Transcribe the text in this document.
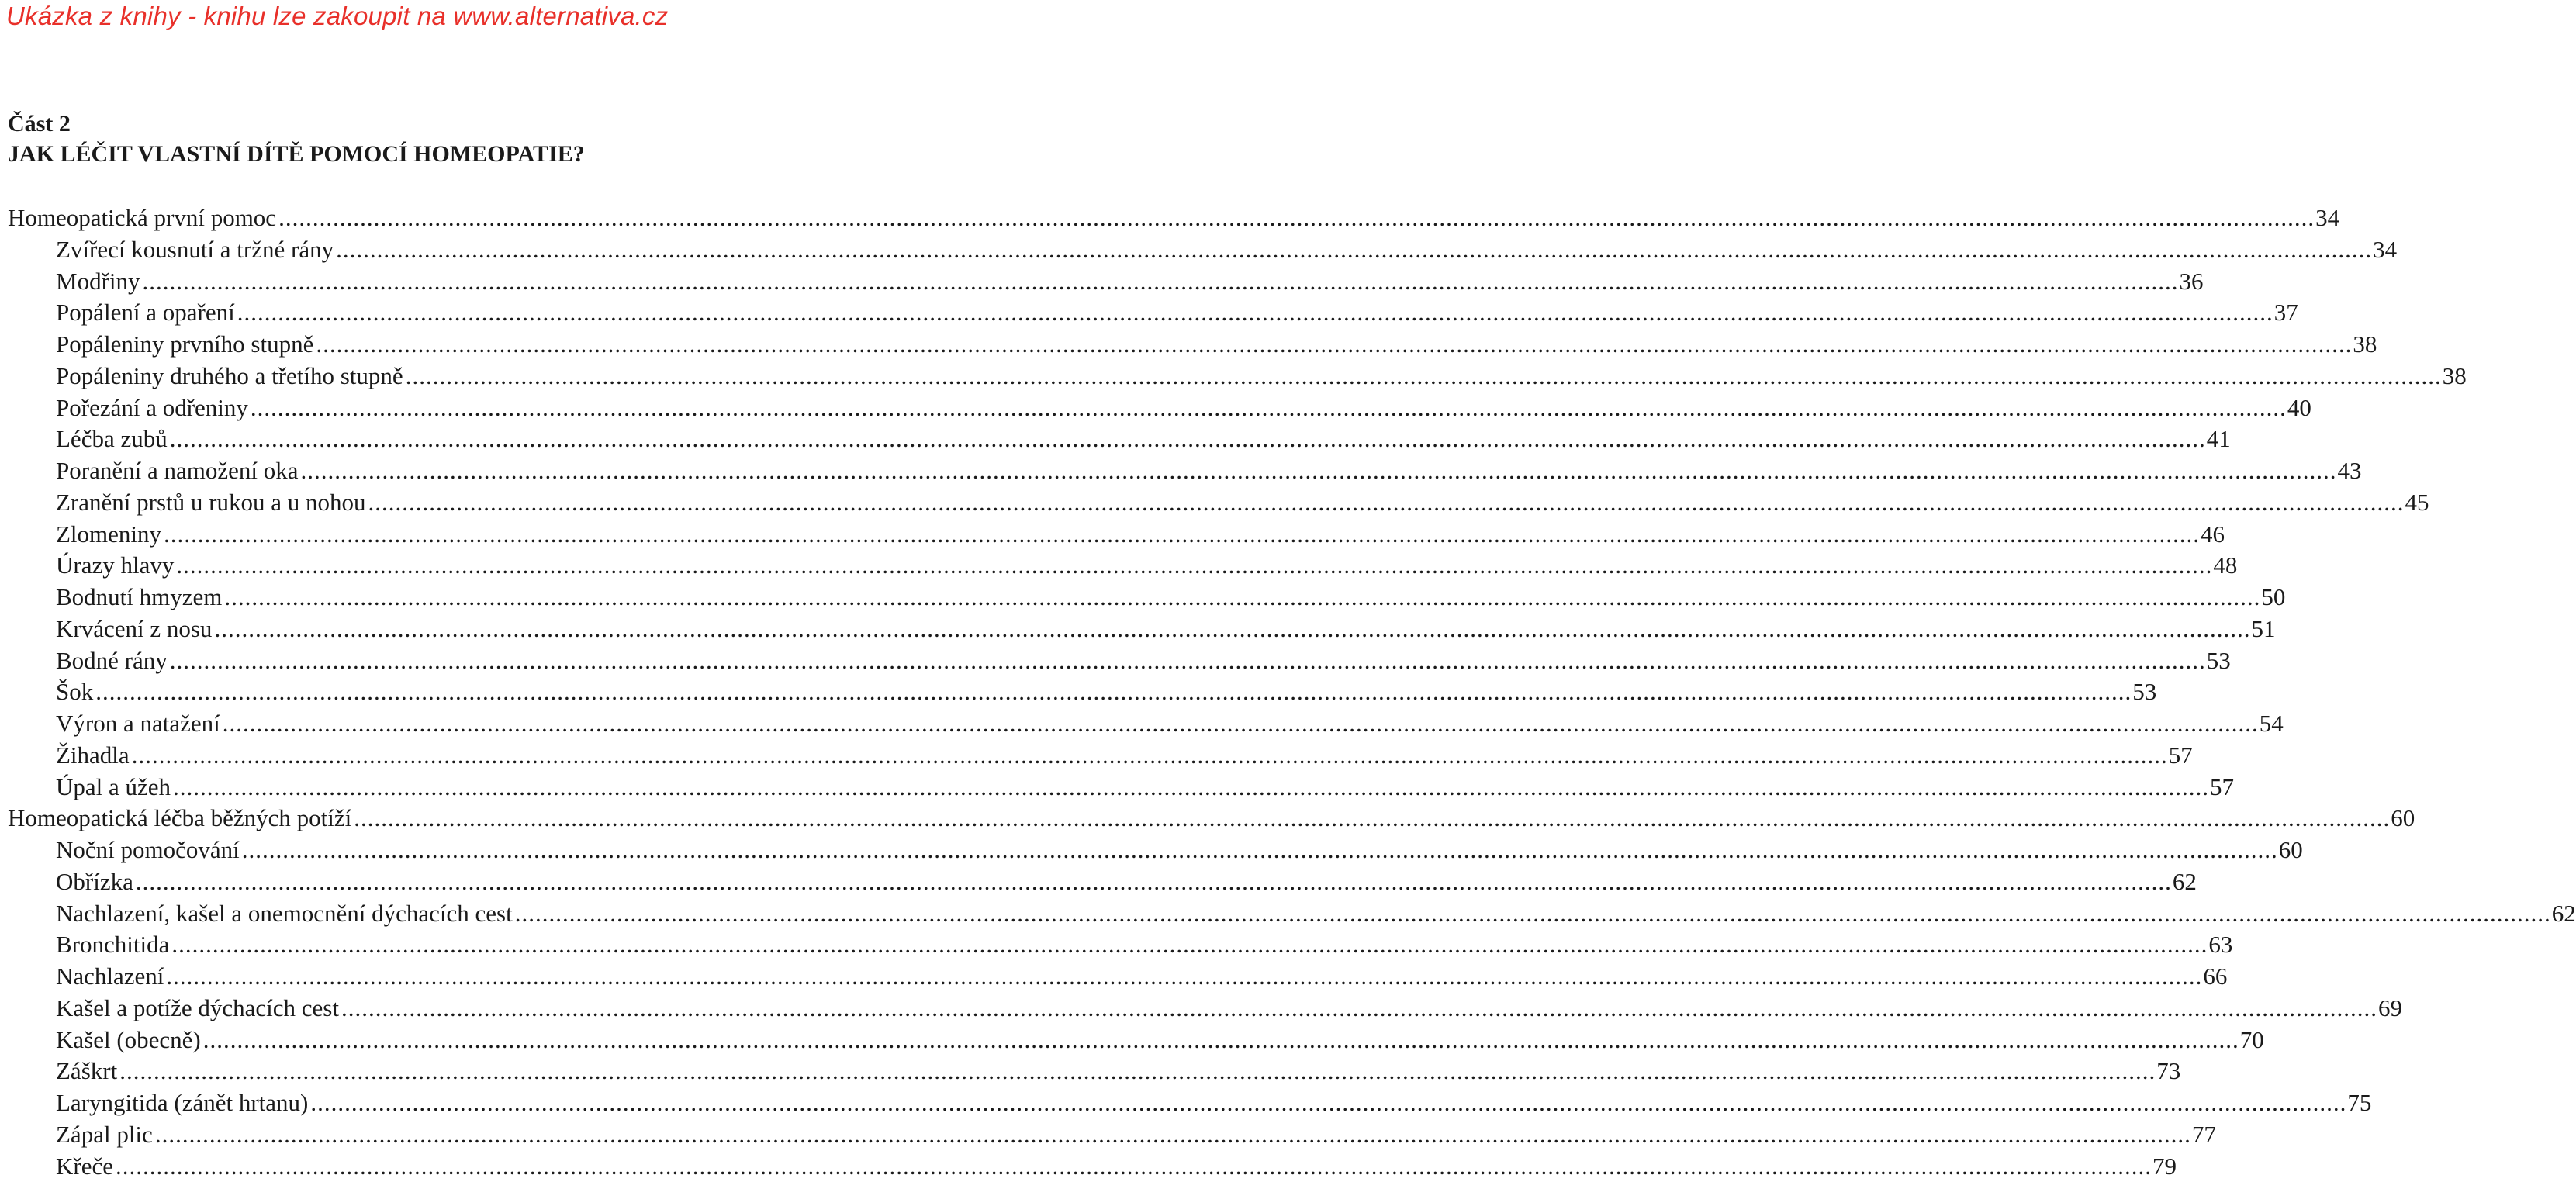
Ukázka z knihy - knihu lze zakoupit na www.alternativa.cz
Část 2
JAK LÉČIT VLASTNÍ DÍTĚ POMOCÍ HOMEOPATIE?
Homeopatická první pomoc ............................................................................................................................................................................................................................................................................................................ 34
Zvířecí kousnutí a tržné rány ............................................................................................................................................................................................................................................................................................................ 34
Modřiny ............................................................................................................................................................................................................................................................................................................ 36
Popálení a opaření ............................................................................................................................................................................................................................................................................................................ 37
Popáleniny prvního stupně ............................................................................................................................................................................................................................................................................................................ 38
Popáleniny druhého a třetího stupně ............................................................................................................................................................................................................................................................................................................ 38
Pořezání a odřeniny ............................................................................................................................................................................................................................................................................................................ 40
Léčba zubů ............................................................................................................................................................................................................................................................................................................ 41
Poranění a namožení oka ............................................................................................................................................................................................................................................................................................................ 43
Zranění prstů u rukou a u nohou ............................................................................................................................................................................................................................................................................................................ 45
Zlomeniny ............................................................................................................................................................................................................................................................................................................ 46
Úrazy hlavy ............................................................................................................................................................................................................................................................................................................ 48
Bodnutí hmyzem ............................................................................................................................................................................................................................................................................................................ 50
Krvácení z nosu ............................................................................................................................................................................................................................................................................................................ 51
Bodné rány ............................................................................................................................................................................................................................................................................................................ 53
Šok ............................................................................................................................................................................................................................................................................................................ 53
Výron a natažení ............................................................................................................................................................................................................................................................................................................ 54
Žihadla ............................................................................................................................................................................................................................................................................................................ 57
Úpal a úžeh ............................................................................................................................................................................................................................................................................................................ 57
Homeopatická léčba běžných potíží ............................................................................................................................................................................................................................................................................................................ 60
Noční pomočování ............................................................................................................................................................................................................................................................................................................ 60
Obřízka ............................................................................................................................................................................................................................................................................................................ 62
Nachlazení, kašel a onemocnění dýchacích cest ............................................................................................................................................................................................................................................................................................................ 62
Bronchitida ............................................................................................................................................................................................................................................................................................................ 63
Nachlazení ............................................................................................................................................................................................................................................................................................................ 66
Kašel a potíže dýchacích cest ............................................................................................................................................................................................................................................................................................................ 69
Kašel (obecně) ............................................................................................................................................................................................................................................................................................................ 70
Záškrt ............................................................................................................................................................................................................................................................................................................ 73
Laryngitida (zánět hrtanu) ............................................................................................................................................................................................................................................................................................................ 75
Zápal plic ............................................................................................................................................................................................................................................................................................................ 77
Křeče ............................................................................................................................................................................................................................................................................................................ 79
